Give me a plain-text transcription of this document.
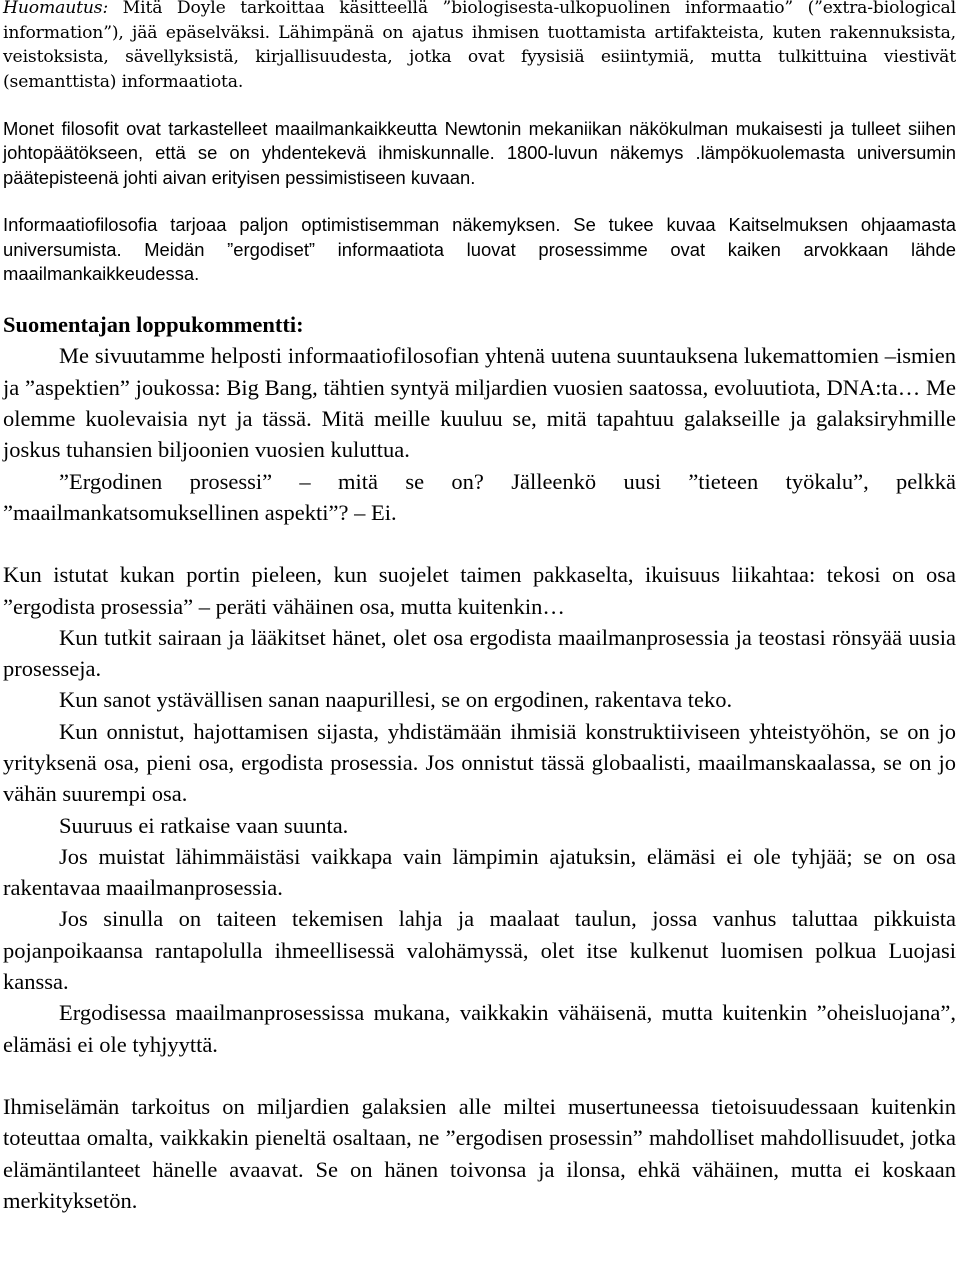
Huomautus: Mitä Doyle tarkoittaa käsitteellä ”biologisesta-ulkopuolinen informaatio” (”extra-biological information”), jää epäselväksi. Lähimpänä on ajatus ihmisen tuottamista artifakteista, kuten rakennuksista, veistoksista, sävellyksistä, kirjallisuudesta, jotka ovat fyysisiä esiintymiä, mutta tulkittuina viestivät (semanttista) informaatiota.

Monet filosofit ovat tarkastelleet maailmankaikkeutta Newtonin mekaniikan näkökulman mukaisesti ja tulleet siihen johtopäätökseen, että se on yhdentekevä ihmiskunnalle. 1800-luvun näkemys .lämpökuolemasta universumin päätepisteenä johti aivan erityisen pessimistiseen kuvaan.

Informaatiofilosofia tarjoaa paljon optimistisemman näkemyksen. Se tukee kuvaa Kaitselmuksen ohjaamasta universumista. Meidän ”ergodiset” informaatiota luovat prosessimme ovat kaiken arvokkaan lähde maailmankaikkeudessa.

Suomentajan loppukommentti:

Me sivuutamme helposti informaatiofilosofian yhtenä uutena suuntauksena lukemattomien –ismien ja ”aspektien” joukossa: Big Bang, tähtien syntyä miljardien vuosien saatossa, evoluutiota, DNA:ta… Me olemme kuolevaisia nyt ja tässä. Mitä meille kuuluu se, mitä tapahtuu galakseille ja galaksiryhmille joskus tuhansien biljoonien vuosien kuluttua.

”Ergodinen prosessi” – mitä se on? Jälleenkö uusi ”tieteen työkalu”, pelkkä ”maailmankatsomuksellinen aspekti”? – Ei.

Kun istutat kukan portin pieleen, kun suojelet taimen pakkaselta, ikuisuus liikahtaa: tekosi on osa ”ergodista prosessia” – peräti vähäinen osa, mutta kuitenkin…

Kun tutkit sairaan ja lääkitset hänet, olet osa ergodista maailmanprosessia ja teostasi rönsyää uusia prosesseja.

Kun sanot ystävällisen sanan naapurillesi, se on ergodinen, rakentava teko.

Kun onnistut, hajottamisen sijasta, yhdistämään ihmisiä konstruktiiviseen yhteistyöhön, se on jo yrityksenä osa, pieni osa, ergodista prosessia. Jos onnistut tässä globaalisti, maailmanskaalassa, se on jo vähän suurempi osa.

Suuruus ei ratkaise vaan suunta.

Jos muistat lähimmäistäsi vaikkapa vain lämpimin ajatuksin, elämäsi ei ole tyhjää; se on osa rakentavaa maailmanprosessia.

Jos sinulla on taiteen tekemisen lahja ja maalaat taulun, jossa vanhus taluttaa pikkuista pojanpoikaansa rantapolulla ihmeellisessä valohämyssä, olet itse kulkenut luomisen polkua Luojasi kanssa.

Ergodisessa maailmanprosessissa mukana, vaikkakin vähäisenä, mutta kuitenkin ”oheisluojana”, elämäsi ei ole tyhjyyttä.

Ihmiselämän tarkoitus on miljardien galaksien alle miltei musertuneessa tietoisuudessaan kuitenkin toteuttaa omalta, vaikkakin pieneltä osaltaan, ne ”ergodisen prosessin” mahdolliset mahdollisuudet, jotka elämäntilanteet hänelle avaavat. Se on hänen toivonsa ja ilonsa, ehkä vähäinen, mutta ei koskaan merkityksetön.
